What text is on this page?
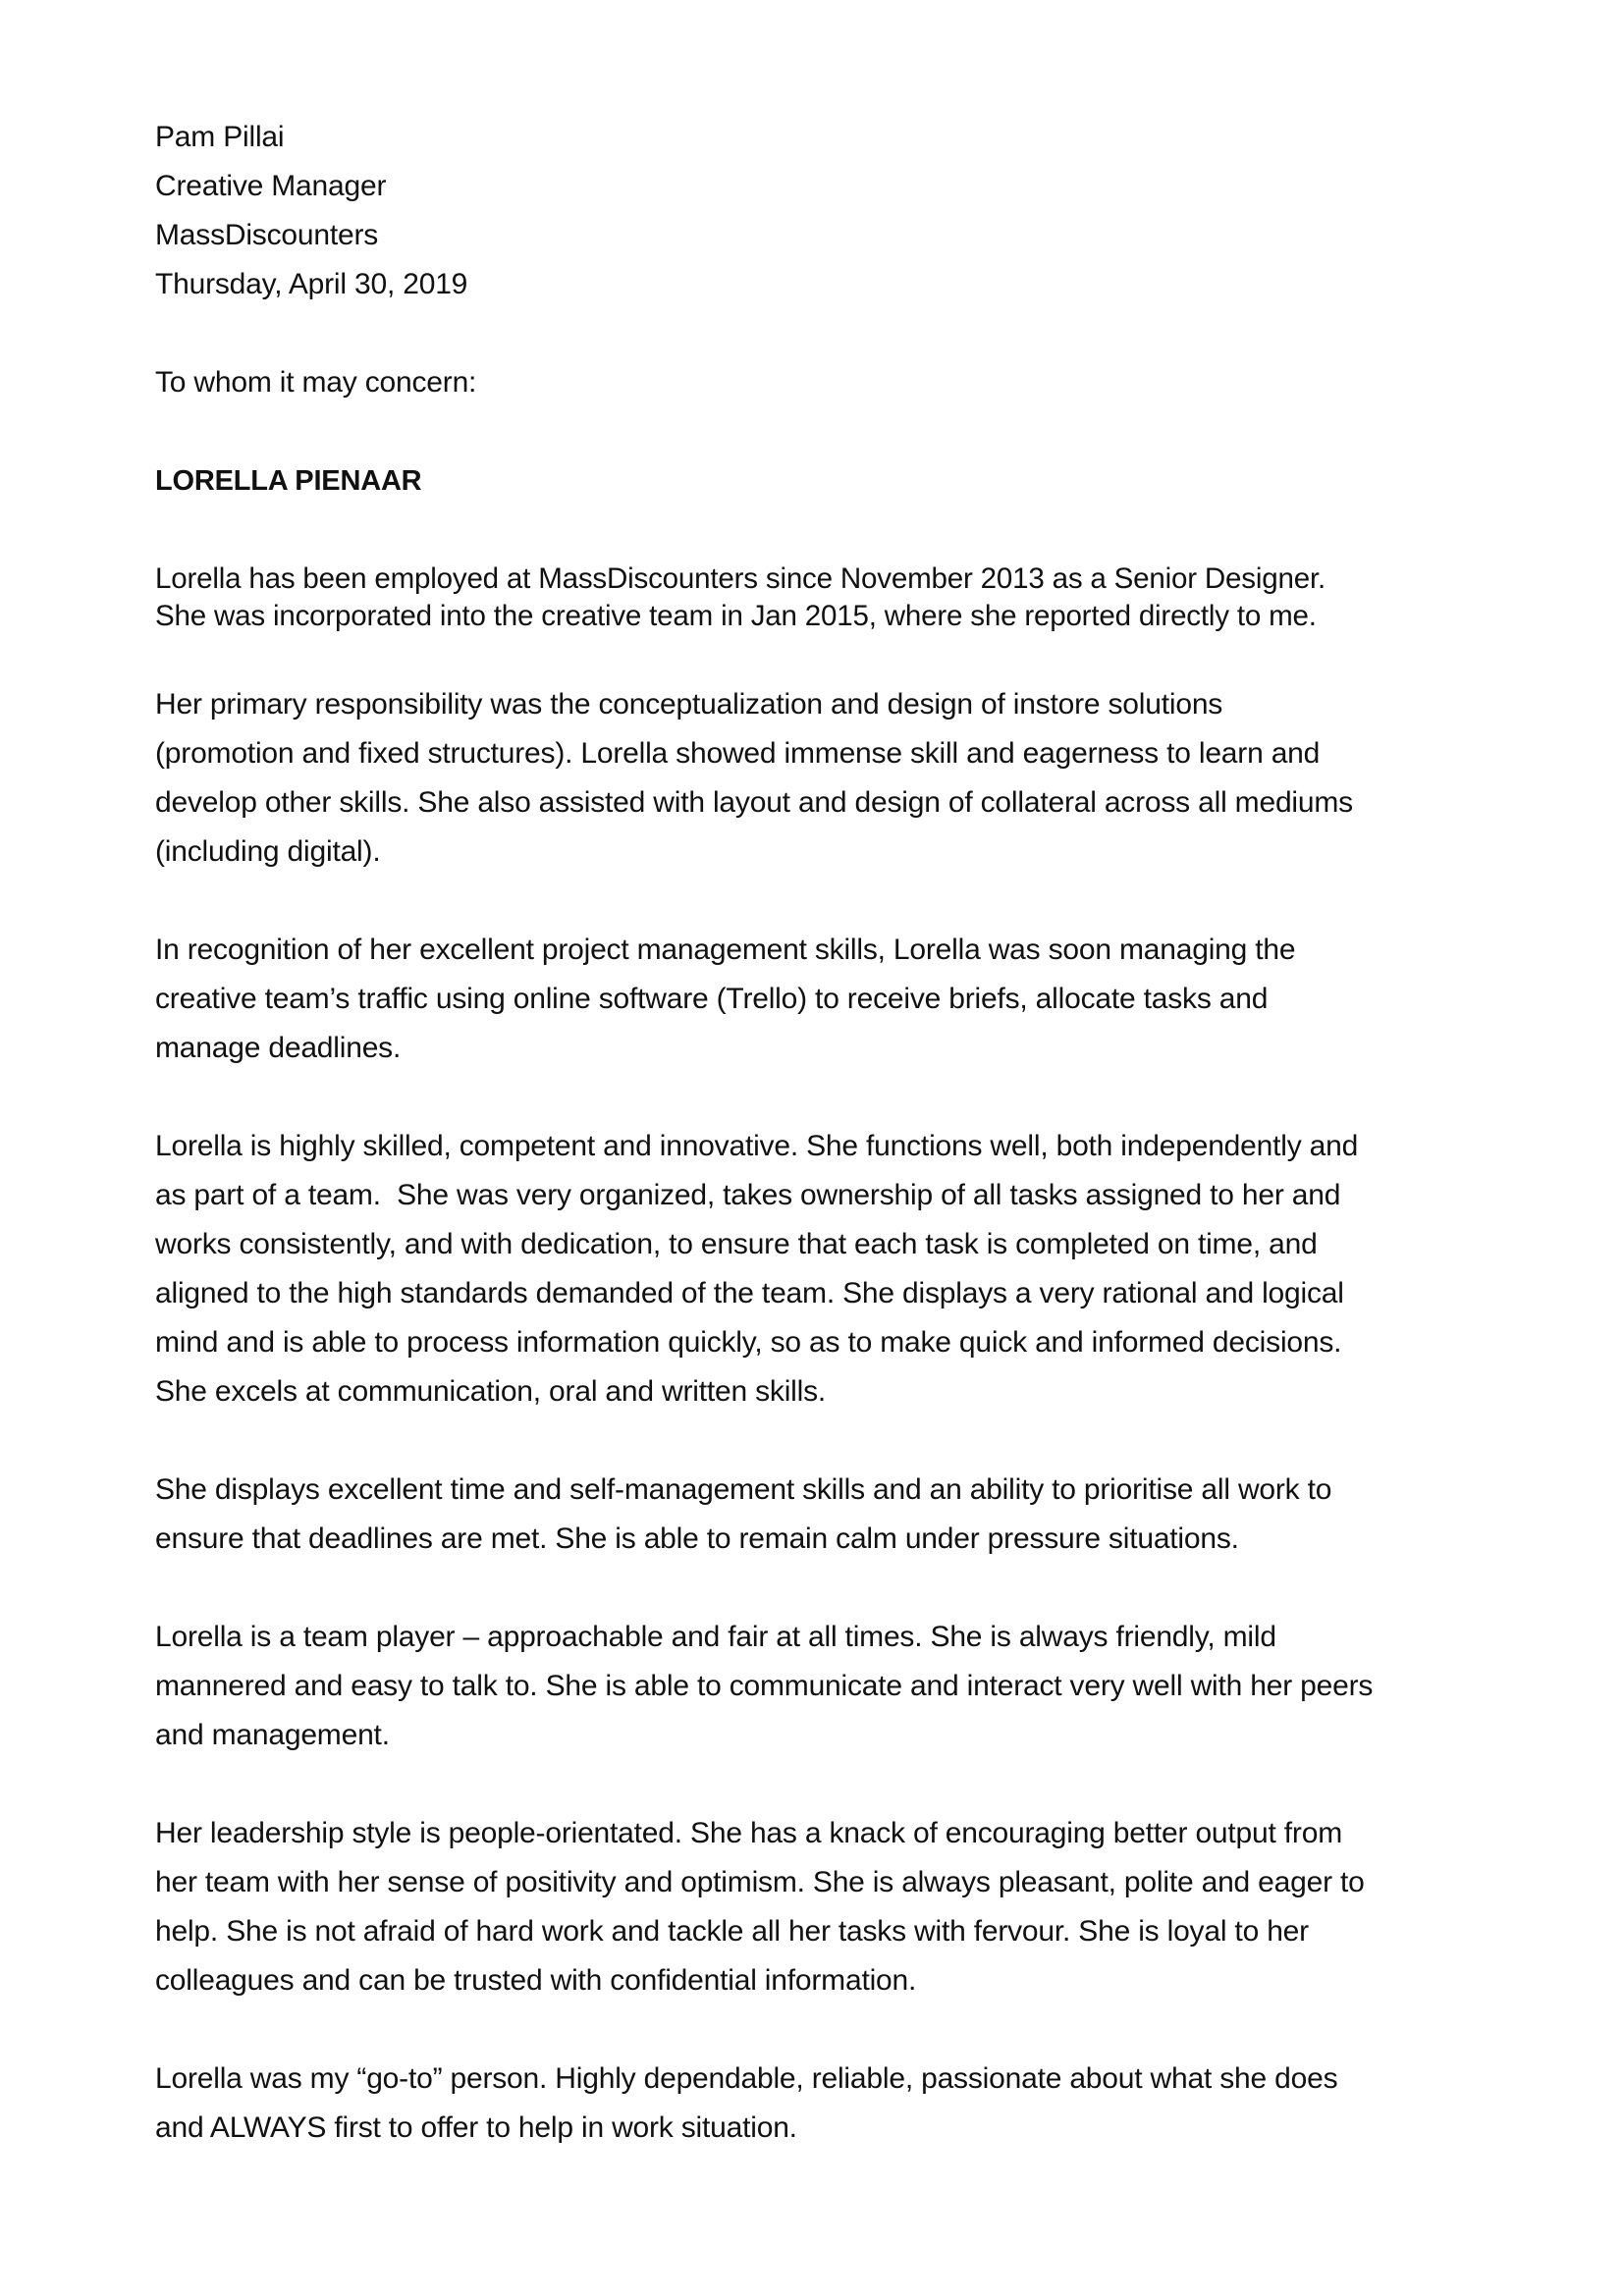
Pam Pillai
Creative Manager
MassDiscounters
Thursday, April 30, 2019
To whom it may concern:
LORELLA PIENAAR
Lorella has been employed at MassDiscounters since November 2013 as a Senior Designer.
She was incorporated into the creative team in Jan 2015, where she reported directly to me.
Her primary responsibility was the conceptualization and design of instore solutions
(promotion and fixed structures). Lorella showed immense skill and eagerness to learn and
develop other skills. She also assisted with layout and design of collateral across all mediums
(including digital).
In recognition of her excellent project management skills, Lorella was soon managing the
creative team’s traffic using online software (Trello) to receive briefs, allocate tasks and
manage deadlines.
Lorella is highly skilled, competent and innovative. She functions well, both independently and
as part of a team.  She was very organized, takes ownership of all tasks assigned to her and
works consistently, and with dedication, to ensure that each task is completed on time, and
aligned to the high standards demanded of the team. She displays a very rational and logical
mind and is able to process information quickly, so as to make quick and informed decisions.
She excels at communication, oral and written skills.
She displays excellent time and self-management skills and an ability to prioritise all work to
ensure that deadlines are met. She is able to remain calm under pressure situations.
Lorella is a team player – approachable and fair at all times. She is always friendly, mild
mannered and easy to talk to. She is able to communicate and interact very well with her peers
and management.
Her leadership style is people-orientated. She has a knack of encouraging better output from
her team with her sense of positivity and optimism. She is always pleasant, polite and eager to
help. She is not afraid of hard work and tackle all her tasks with fervour. She is loyal to her
colleagues and can be trusted with confidential information.
Lorella was my “go-to” person. Highly dependable, reliable, passionate about what she does
and ALWAYS first to offer to help in work situation.
